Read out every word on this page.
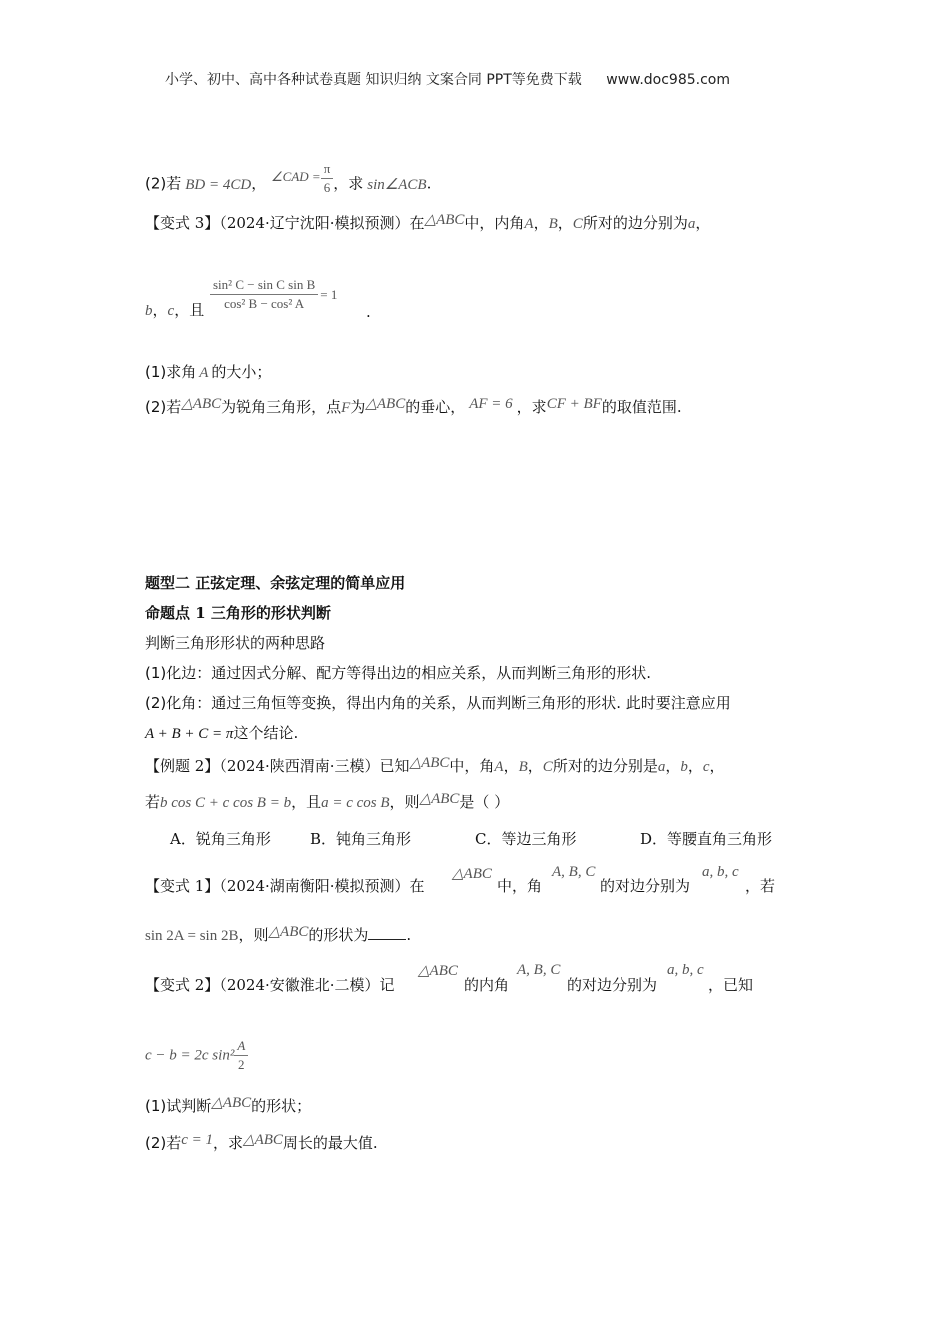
小学、初中、高中各种试卷真题 知识归纳 文案合同 PPT等免费下载 www.doc985.com
(2)若 BD = 4CD， ∠CAD = $\frac{\pi}{6}$ ，求 sin∠ACB.
【变式 3】（2024·辽宁沈阳·模拟预测）在△ABC中，内角A，B，C所对的边分别为a，
b，c，且 $\frac{\text{sin² C − sin C sin B}}{\text{cos² B − cos² A}} = 1$
.
(1)求角 A 的大小；
(2)若△ABC为锐角三角形，点F为△ABC的垂心， AF = 6 ，求CF + BF的取值范围.
题型二 正弦定理、余弦定理的简单应用
命题点 1 三角形的形状判断
判断三角形形状的两种思路
(1)化边：通过因式分解、配方等得出边的相应关系，从而判断三角形的形状.
(2)化角：通过三角恒等变换，得出内角的关系，从而判断三角形的形状. 此时要注意应用
A + B + C = π这个结论.
【例题 2】（2024·陕西渭南·三模）已知△ABC中，角A，B，C所对的边分别是a，b，c，
若b cos C + c cos B = b，且a = c cos B，则△ABC是（ ）
A．锐角三角形	B．钝角三角形	C．等边三角形	D．等腰直角三角形
【变式 1】（2024·湖南衡阳·模拟预测）在
△ABC
中，角
A, B, C
的对边分别为
a, b, c
，若
sin 2A = sin 2B，则△ABC的形状为	.
【变式 2】（2024·安徽淮北·二模）记
△ABC
的内角
A, B, C
的对边分别为
a, b, c
，已知
c − b = 2c $\sin^2 \frac{A}{2}$
(1)试判断△ABC的形状；
(2)若c = 1，求△ABC周长的最大值.
